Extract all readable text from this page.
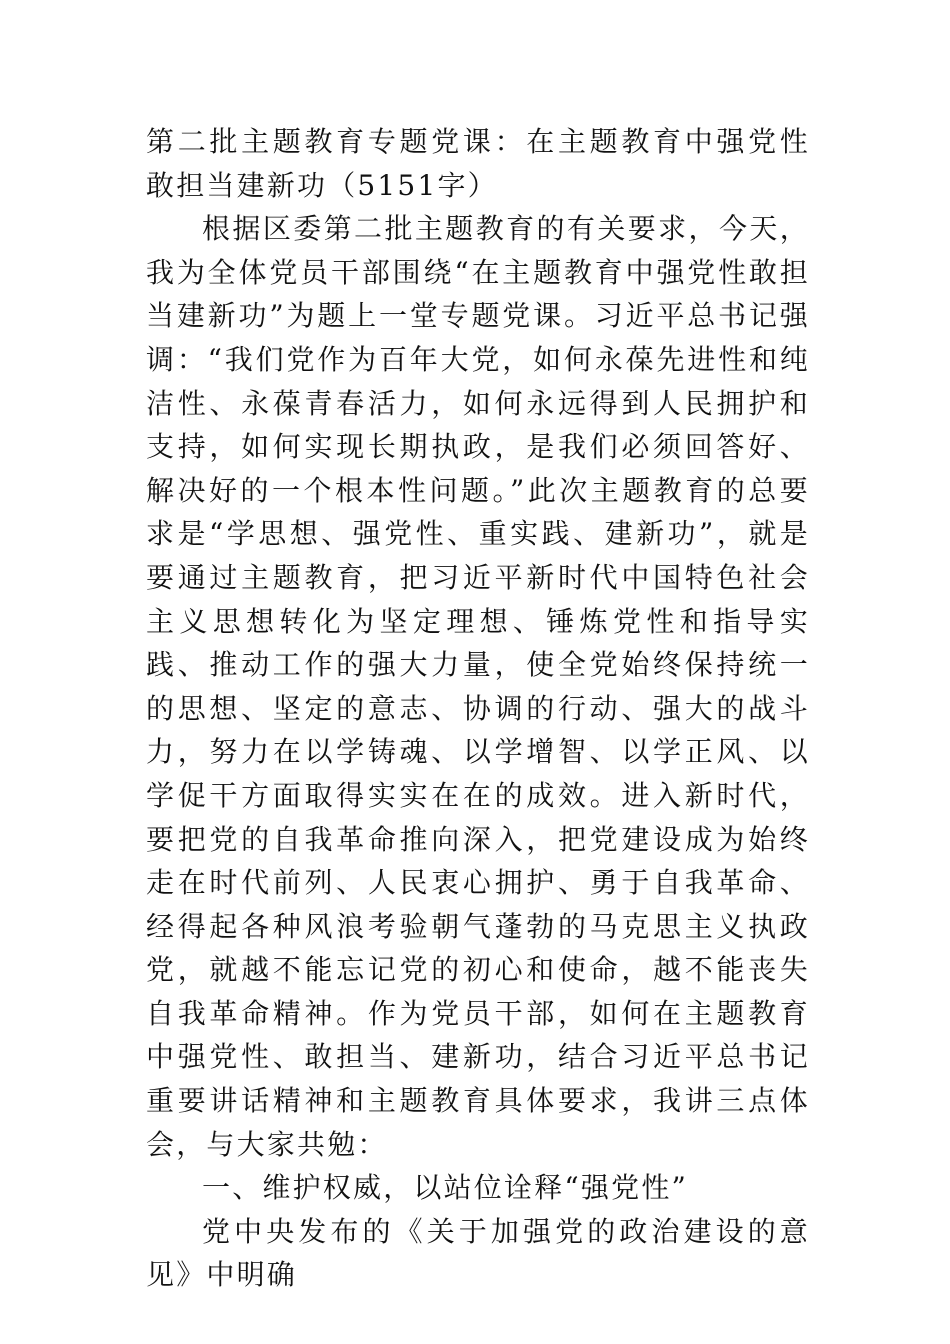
第二批主题教育专题党课：在主题教育中强党性敢担当建新功（5151字）

根据区委第二批主题教育的有关要求，今天，我为全体党员干部围绕“在主题教育中强党性敢担当建新功”为题上一堂专题党课。习近平总书记强调：“我们党作为百年大党，如何永葆先进性和纯洁性、永葆青春活力，如何永远得到人民拥护和支持，如何实现长期执政，是我们必须回答好、解决好的一个根本性问题。”此次主题教育的总要求是“学思想、强党性、重实践、建新功”，就是要通过主题教育，把习近平新时代中国特色社会主义思想转化为坚定理想、锤炼党性和指导实践、推动工作的强大力量，使全党始终保持统一的思想、坚定的意志、协调的行动、强大的战斗力，努力在以学铸魂、以学增智、以学正风、以学促干方面取得实实在在的成效。进入新时代，要把党的自我革命推向深入，把党建设成为始终走在时代前列、人民衷心拥护、勇于自我革命、经得起各种风浪考验朝气蓬勃的马克思主义执政党，就越不能忘记党的初心和使命，越不能丧失自我革命精神。作为党员干部，如何在主题教育中强党性、敢担当、建新功，结合习近平总书记重要讲话精神和主题教育具体要求，我讲三点体会，与大家共勉：

一、维护权威，以站位诠释“强党性”

党中央发布的《关于加强党的政治建设的意见》中明确
